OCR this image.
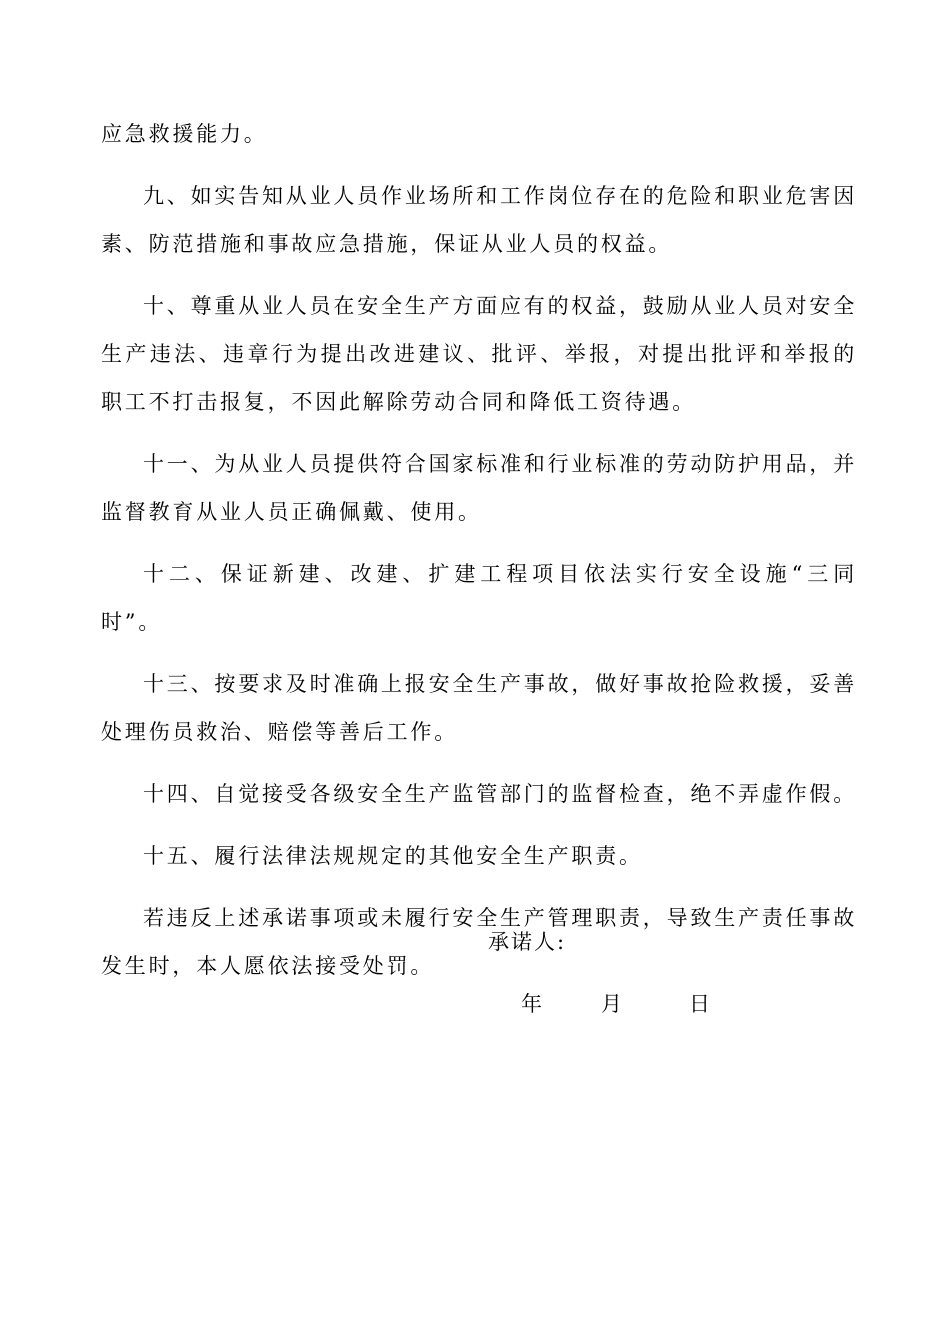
应急救援能力。

九、如实告知从业人员作业场所和工作岗位存在的危险和职业危害因素、防范措施和事故应急措施，保证从业人员的权益。

十、尊重从业人员在安全生产方面应有的权益，鼓励从业人员对安全生产违法、违章行为提出改进建议、批评、举报，对提出批评和举报的职工不打击报复，不因此解除劳动合同和降低工资待遇。

十一、为从业人员提供符合国家标准和行业标准的劳动防护用品，并监督教育从业人员正确佩戴、使用。

十二、保证新建、改建、扩建工程项目依法实行安全设施“三同时”。

十三、按要求及时准确上报安全生产事故，做好事故抢险救援，妥善处理伤员救治、赔偿等善后工作。

十四、自觉接受各级安全生产监管部门的监督检查，绝不弄虚作假。

十五、履行法律法规规定的其他安全生产职责。

若违反上述承诺事项或未履行安全生产管理职责，导致生产责任事故发生时，本人愿依法接受处罚。

承诺人:
年	月	日
